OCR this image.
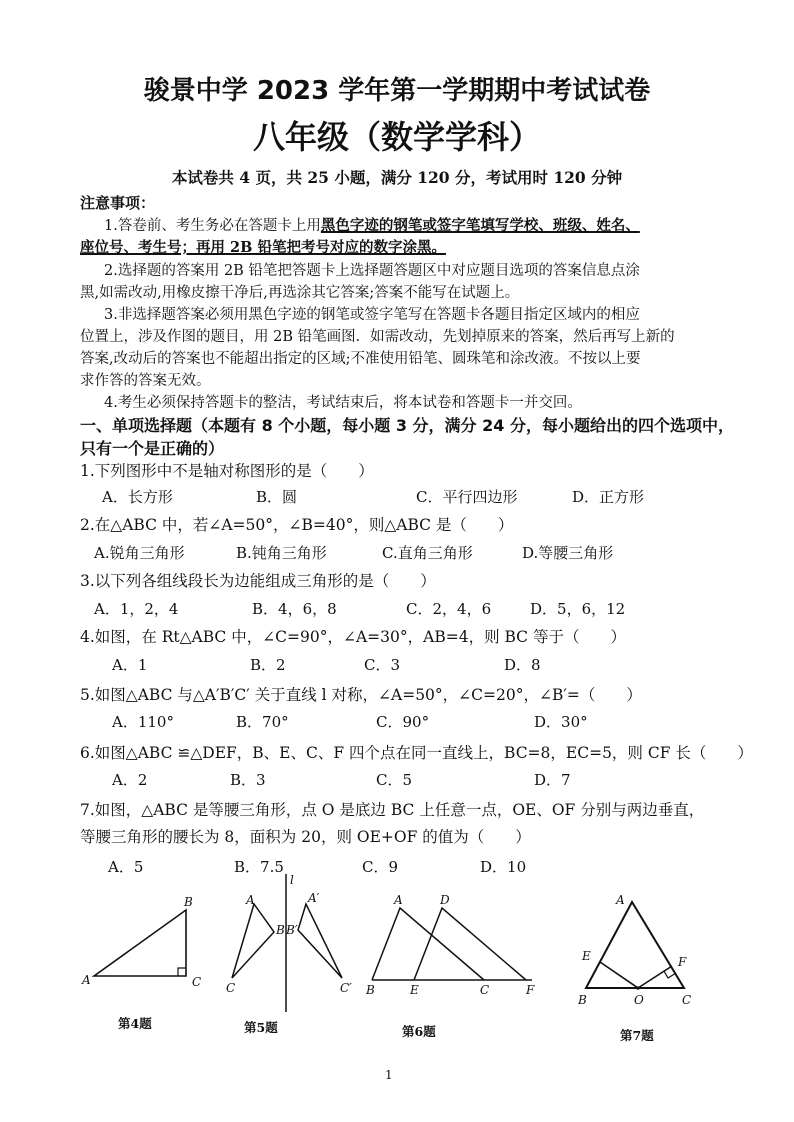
骏景中学 2023 学年第一学期期中考试试卷
八年级（数学学科）
本试卷共 4 页，共 25 小题，满分 120 分，考试用时 120 分钟
注意事项：
1.答卷前、考生务必在答题卡上用黑色字迹的钢笔或签字笔填写学校、班级、姓名、
座位号、考生号；再用 2B 铅笔把考号对应的数字涂黑。
2.选择题的答案用 2B 铅笔把答题卡上选择题答题区中对应题目选项的答案信息点涂
黑,如需改动,用橡皮擦干净后,再选涂其它答案;答案不能写在试题上。
3.非选择题答案必须用黑色字迹的钢笔或签字笔写在答题卡各题目指定区域内的相应
位置上，涉及作图的题目，用 2B 铅笔画图．如需改动，先划掉原来的答案，然后再写上新的
答案,改动后的答案也不能超出指定的区域;不准使用铅笔、圆珠笔和涂改液。不按以上要
求作答的答案无效。
4.考生必须保持答题卡的整洁，考试结束后，将本试卷和答题卡一并交回。
一、单项选择题（本题有 8 个小题，每小题 3 分，满分 24 分，每小题给出的四个选项中，
只有一个是正确的）
1.下列图形中不是轴对称图形的是（　　）
A．长方形	B．圆	C．平行四边形	D．正方形
2.在△ABC 中，若∠A=50°，∠B=40°，则△ABC 是（　　）
A.锐角三角形	B.钝角三角形	C.直角三角形	D.等腰三角形
3.以下列各组线段长为边能组成三角形的是（　　）
A．1，2，4	B．4，6，8	C．2，4，6	D．5，6，12
4.如图，在 Rt△ABC 中，∠C=90°，∠A=30°，AB=4，则 BC 等于（　　）
A．1	B．2	C．3	D．8
5.如图△ABC 与△A′B′C′ 关于直线 l 对称，∠A=50°，∠C=20°，∠B′=（　　）
A．110°	B．70°	C．90°	D．30°
6.如图△ABC ≌△DEF，B、E、C、F 四个点在同一直线上，BC=8，EC=5，则 CF 长（　　）
A．2	B．3	C．5	D．7
7.如图，△ABC 是等腰三角形，点 O 是底边 BC 上任意一点，OE、OF 分别与两边垂直，
等腰三角形的腰长为 8，面积为 20，则 OE+OF 的值为（　　）
A．5	B．7.5	C．9	D．10
A
B
C
第4题
A
B
C
A′
B′
C′
l
第5题
A	D
B	E	C	F
第6题
A
E	F
B	O	C
第7题
1
